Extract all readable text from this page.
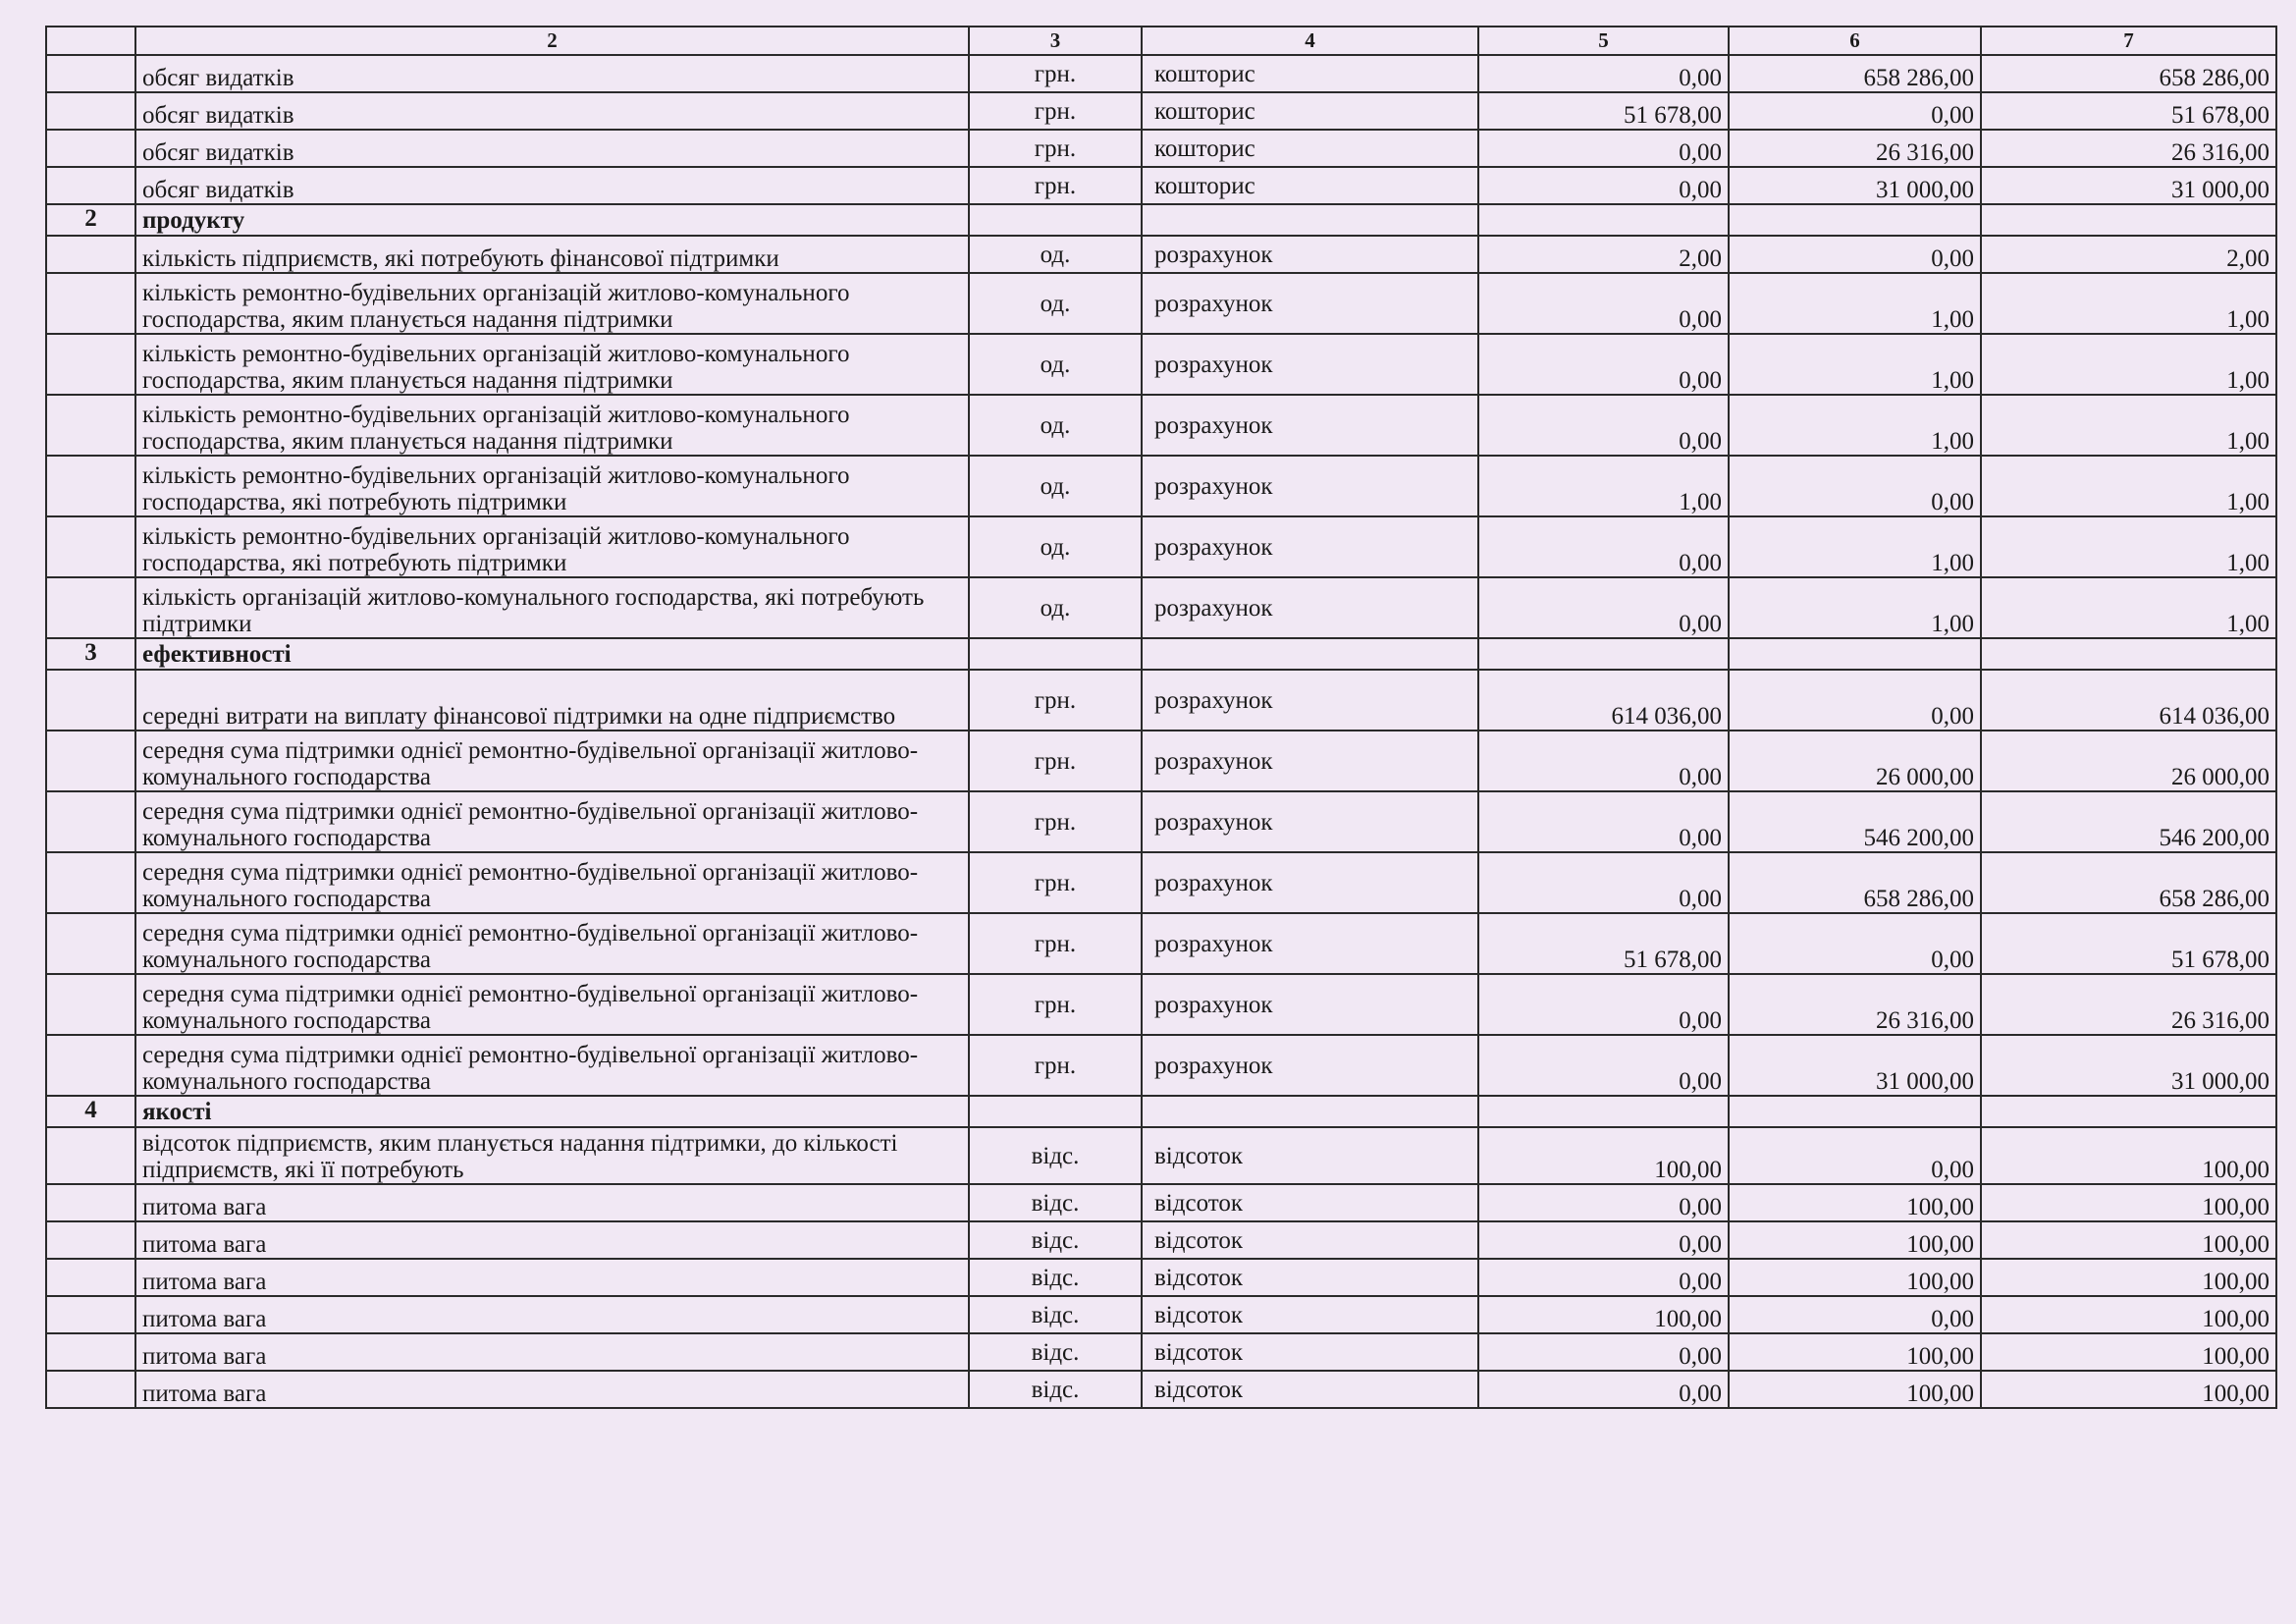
	2	3	4	5	6	7
	обсяг видатків	грн.	кошторис	0,00	658 286,00	658 286,00
	обсяг видатків	грн.	кошторис	51 678,00	0,00	51 678,00
	обсяг видатків	грн.	кошторис	0,00	26 316,00	26 316,00
	обсяг видатків	грн.	кошторис	0,00	31 000,00	31 000,00
2	продукту					
	кількість підприємств, які потребують фінансової підтримки	од.	розрахунок	2,00	0,00	2,00
	кількість ремонтно-будівельних організацій житлово-комунального господарства, яким планується надання підтримки	од.	розрахунок	0,00	1,00	1,00
	кількість ремонтно-будівельних організацій житлово-комунального господарства, яким планується надання підтримки	од.	розрахунок	0,00	1,00	1,00
	кількість ремонтно-будівельних організацій житлово-комунального господарства, яким планується надання підтримки	од.	розрахунок	0,00	1,00	1,00
	кількість ремонтно-будівельних організацій житлово-комунального господарства, які потребують підтримки	од.	розрахунок	1,00	0,00	1,00
	кількість ремонтно-будівельних організацій житлово-комунального господарства, які потребують підтримки	од.	розрахунок	0,00	1,00	1,00
	кількість організацій житлово-комунального господарства, які потребують підтримки	од.	розрахунок	0,00	1,00	1,00
3	ефективності					
	середні витрати на виплату фінансової підтримки на одне підприємство	грн.	розрахунок	614 036,00	0,00	614 036,00
	середня сума підтримки однієї ремонтно-будівельної організації житлово-комунального господарства	грн.	розрахунок	0,00	26 000,00	26 000,00
	середня сума підтримки однієї ремонтно-будівельної організації житлово-комунального господарства	грн.	розрахунок	0,00	546 200,00	546 200,00
	середня сума підтримки однієї ремонтно-будівельної організації житлово-комунального господарства	грн.	розрахунок	0,00	658 286,00	658 286,00
	середня сума підтримки однієї ремонтно-будівельної організації житлово-комунального господарства	грн.	розрахунок	51 678,00	0,00	51 678,00
	середня сума підтримки однієї ремонтно-будівельної організації житлово-комунального господарства	грн.	розрахунок	0,00	26 316,00	26 316,00
	середня сума підтримки однієї ремонтно-будівельної організації житлово-комунального господарства	грн.	розрахунок	0,00	31 000,00	31 000,00
4	якості					
	відсоток підприємств, яким планується надання підтримки, до кількості підприємств, які її потребують	відс.	відсоток	100,00	0,00	100,00
	питома вага	відс.	відсоток	0,00	100,00	100,00
	питома вага	відс.	відсоток	0,00	100,00	100,00
	питома вага	відс.	відсоток	0,00	100,00	100,00
	питома вага	відс.	відсоток	100,00	0,00	100,00
	питома вага	відс.	відсоток	0,00	100,00	100,00
	питома вага	відс.	відсоток	0,00	100,00	100,00
